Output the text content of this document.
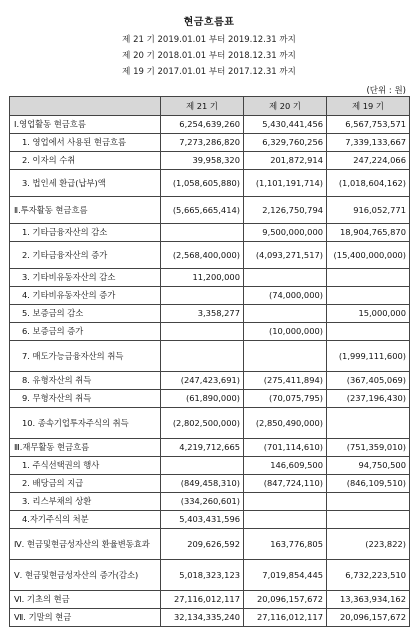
현금흐름표
제 21 기 2019.01.01 부터 2019.12.31 까지
제 20 기 2018.01.01 부터 2018.12.31 까지
제 19 기 2017.01.01 부터 2017.12.31 까지
(단위 : 원)
	제 21 기	제 20 기	제 19 기
Ⅰ.영업활동 현금흐름	6,254,639,260	5,430,441,456	6,567,753,571
1. 영업에서 사용된 현금흐름	7,273,286,820	6,329,760,256	7,339,133,667
2. 이자의 수취	39,958,320	201,872,914	247,224,066
3. 법인세 환급(납부)액	(1,058,605,880)	(1,101,191,714)	(1,018,604,162)
Ⅱ.투자활동 현금흐름	(5,665,665,414)	2,126,750,794	916,052,771
1. 기타금융자산의 감소		9,500,000,000	18,904,765,870
2. 기타금융자산의 증가	(2,568,400,000)	(4,093,271,517)	(15,400,000,000)
3. 기타비유동자산의 감소	11,200,000		
4. 기타비유동자산의 증가		(74,000,000)	
5. 보증금의 감소	3,358,277		15,000,000
6. 보증금의 증가		(10,000,000)	
7. 매도가능금융자산의 취득			(1,999,111,600)
8. 유형자산의 취득	(247,423,691)	(275,411,894)	(367,405,069)
9. 무형자산의 취득	(61,890,000)	(70,075,795)	(237,196,430)
10. 종속기업투자주식의 취득	(2,802,500,000)	(2,850,490,000)	
Ⅲ.재무활동 현금흐름	4,219,712,665	(701,114,610)	(751,359,010)
1. 주식선택권의 행사		146,609,500	94,750,500
2. 배당금의 지급	(849,458,310)	(847,724,110)	(846,109,510)
3. 리스부채의 상환	(334,260,601)		
4.자기주식의 처분	5,403,431,596		
Ⅳ. 현금및현금성자산의 환율변동효과	209,626,592	163,776,805	(223,822)
Ⅴ. 현금및현금성자산의 증가(감소)	5,018,323,123	7,019,854,445	6,732,223,510
Ⅵ. 기초의 현금	27,116,012,117	20,096,157,672	13,363,934,162
Ⅶ. 기말의 현금	32,134,335,240	27,116,012,117	20,096,157,672
